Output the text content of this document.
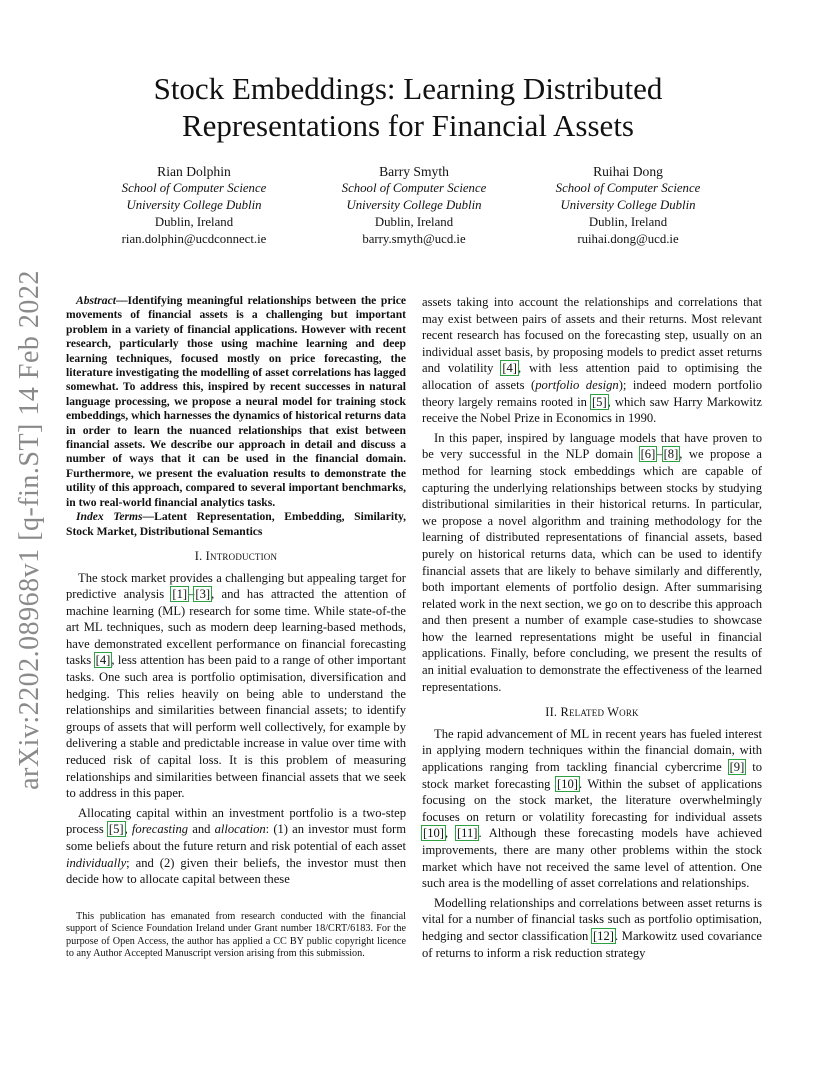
arXiv:2202.08968v1 [q-fin.ST] 14 Feb 2022
Stock Embeddings: Learning Distributed
Representations for Financial Assets
Rian Dolphin
School of Computer Science
University College Dublin
Dublin, Ireland
rian.dolphin@ucdconnect.ie
Barry Smyth
School of Computer Science
University College Dublin
Dublin, Ireland
barry.smyth@ucd.ie
Ruihai Dong
School of Computer Science
University College Dublin
Dublin, Ireland
ruihai.dong@ucd.ie

Abstract—Identifying meaningful relationships between the price movements of financial assets is a challenging but important problem in a variety of financial applications. However with recent research, particularly those using machine learning and deep learning techniques, focused mostly on price forecasting, the literature investigating the modelling of asset correlations has lagged somewhat. To address this, inspired by recent successes in natural language processing, we propose a neural model for training stock embeddings, which harnesses the dynamics of historical returns data in order to learn the nuanced relationships that exist between financial assets. We describe our approach in detail and discuss a number of ways that it can be used in the financial domain. Furthermore, we present the evaluation results to demonstrate the utility of this approach, compared to several important benchmarks, in two real-world financial analytics tasks.

Index Terms—Latent Representation, Embedding, Similarity, Stock Market, Distributional Semantics

I. Introduction

The stock market provides a challenging but appealing target for predictive analysis [1]–[3], and has attracted the attention of machine learning (ML) research for some time. While state-of-the art ML techniques, such as modern deep learning-based methods, have demonstrated excellent performance on financial forecasting tasks [4], less attention has been paid to a range of other important tasks. One such area is portfolio optimisation, diversification and hedging. This relies heavily on being able to understand the relationships and similarities between financial assets; to identify groups of assets that will perform well collectively, for example by delivering a stable and predictable increase in value over time with reduced risk of capital loss. It is this problem of measuring relationships and similarities between financial assets that we seek to address in this paper.

Allocating capital within an investment portfolio is a two-step process [5], forecasting and allocation: (1) an investor must form some beliefs about the future return and risk potential of each asset individually; and (2) given their beliefs, the investor must then decide how to allocate capital between these

This publication has emanated from research conducted with the financial support of Science Foundation Ireland under Grant number 18/CRT/6183. For the purpose of Open Access, the author has applied a CC BY public copyright licence to any Author Accepted Manuscript version arising from this submission.

assets taking into account the relationships and correlations that may exist between pairs of assets and their returns. Most relevant recent research has focused on the forecasting step, usually on an individual asset basis, by proposing models to predict asset returns and volatility [4], with less attention paid to optimising the allocation of assets (portfolio design); indeed modern portfolio theory largely remains rooted in [5], which saw Harry Markowitz receive the Nobel Prize in Economics in 1990.

In this paper, inspired by language models that have proven to be very successful in the NLP domain [6]–[8], we propose a method for learning stock embeddings which are capable of capturing the underlying relationships between stocks by studying distributional similarities in their historical returns. In particular, we propose a novel algorithm and training methodology for the learning of distributed representations of financial assets, based purely on historical returns data, which can be used to identify financial assets that are likely to behave similarly and differently, both important elements of portfolio design. After summarising related work in the next section, we go on to describe this approach and then present a number of example case-studies to showcase how the learned representations might be useful in financial applications. Finally, before concluding, we present the results of an initial evaluation to demonstrate the effectiveness of the learned representations.

II. Related Work

The rapid advancement of ML in recent years has fueled interest in applying modern techniques within the financial domain, with applications ranging from tackling financial cybercrime [9] to stock market forecasting [10]. Within the subset of applications focusing on the stock market, the literature overwhelmingly focuses on return or volatility forecasting for individual assets [10], [11]. Although these forecasting models have achieved improvements, there are many other problems within the stock market which have not received the same level of attention. One such area is the modelling of asset correlations and relationships.

Modelling relationships and correlations between asset returns is vital for a number of financial tasks such as portfolio optimisation, hedging and sector classification [12]. Markowitz used covariance of returns to inform a risk reduction strategy
